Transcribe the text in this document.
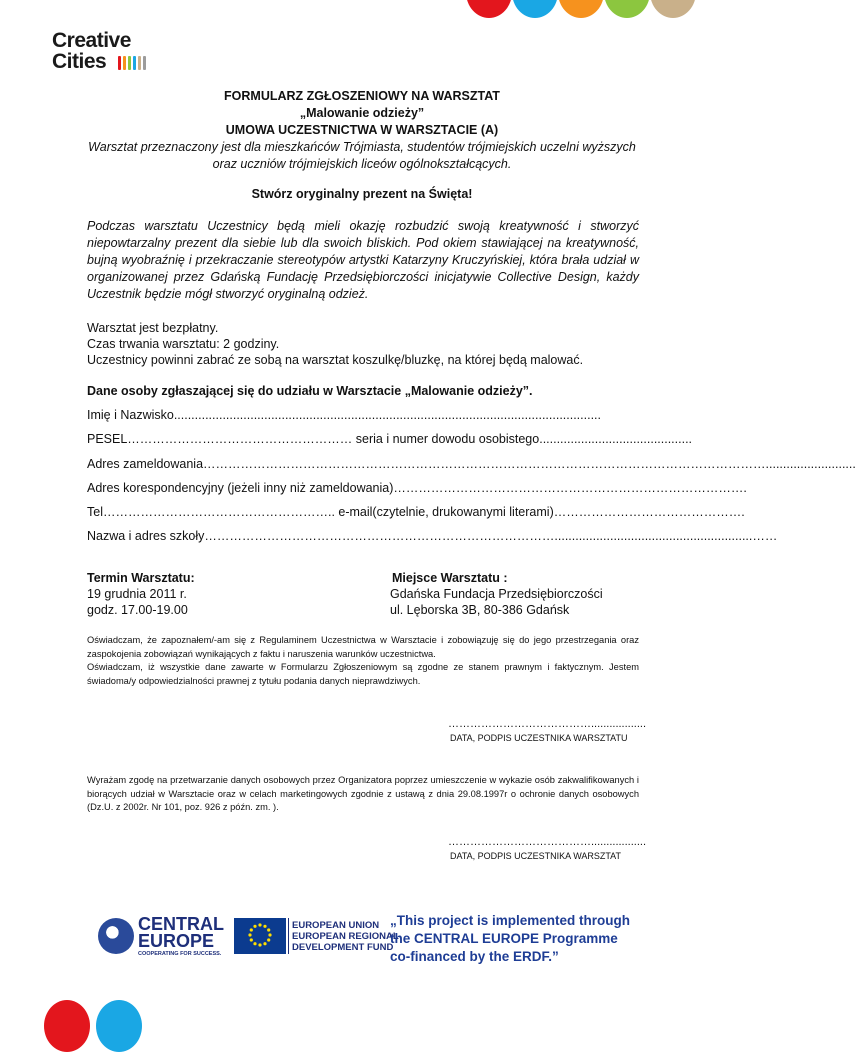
Creative
Cities
FORMULARZ ZGŁOSZENIOWY NA WARSZTAT
„Malowanie odzieży”
UMOWA UCZESTNICTWA W WARSZTACIE (A)
Warsztat przeznaczony jest dla mieszkańców Trójmiasta, studentów trójmiejskich uczelni wyższych
oraz uczniów trójmiejskich liceów ogólnokształcących.
Stwórz oryginalny prezent na Święta!
Podczas warsztatu Uczestnicy będą mieli okazję rozbudzić swoją kreatywność i stworzyć niepowtarzalny prezent dla siebie lub dla swoich bliskich. Pod okiem stawiającej na kreatywność, bujną wyobraźnię i przekraczanie stereotypów artystki Katarzyny Kruczyńskiej, która brała udział w organizowanej przez Gdańską Fundację Przedsiębiorczości inicjatywie Collective Design, każdy Uczestnik będzie mógł stworzyć oryginalną odzież.
Warsztat jest bezpłatny.
Czas trwania warsztatu: 2 godziny.
Uczestnicy powinni zabrać ze sobą na warsztat koszulkę/bluzkę, na której będą malować.
Dane osoby zgłaszającej się do udziału w Warsztacie „Malowanie odzieży”.
Imię i Nazwisko...........................................................................................................................
PESEL……………………………………………… seria i numer dowodu osobistego............................................
Adres zameldowania………………………………………………………………………………………………………………………..........................
Adres korespondencyjny (jeżeli inny niż zameldowania)………………………………………………………………………….
Tel……………………………………………….. e-mail(czytelnie, drukowanymi literami)……………………………………….
Nazwa i adres szkoły………………………………………………………………………….........................................................……
Termin Warsztatu:
19 grudnia 2011 r.
godz. 17.00-19.00
Miejsce Warsztatu :
Gdańska Fundacja Przedsiębiorczości
ul. Lęborska 3B, 80-386 Gdańsk
Oświadczam, że zapoznałem/-am się z Regulaminem Uczestnictwa w Warsztacie i zobowiązuję się do jego przestrzegania oraz zaspokojenia zobowiązań wynikających z faktu i naruszenia warunków uczestnictwa.
Oświadczam, iż wszystkie dane zawarte w Formularzu Zgłoszeniowym są zgodne ze stanem prawnym i faktycznym. Jestem świadoma/y odpowiedzialności prawnej z tytułu podania danych nieprawdziwych.
…………………………………..................
DATA, PODPIS UCZESTNIKA WARSZTATU
Wyrażam zgodę na przetwarzanie danych osobowych przez Organizatora poprzez umieszczenie w wykazie osób zakwalifikowanych i biorących udział w Warsztacie oraz w celach marketingowych zgodnie z ustawą z dnia 29.08.1997r o ochronie danych osobowych (Dz.U. z 2002r. Nr 101, poz. 926 z późn. zm. ).
…………………………………..................
DATA, PODPIS UCZESTNIKA WARSZTAT
CENTRAL
EUROPE
COOPERATING FOR SUCCESS.
EUROPEAN UNION
EUROPEAN REGIONAL
DEVELOPMENT FUND
„This project is implemented through the CENTRAL EUROPE Programme co-financed by the ERDF.”
